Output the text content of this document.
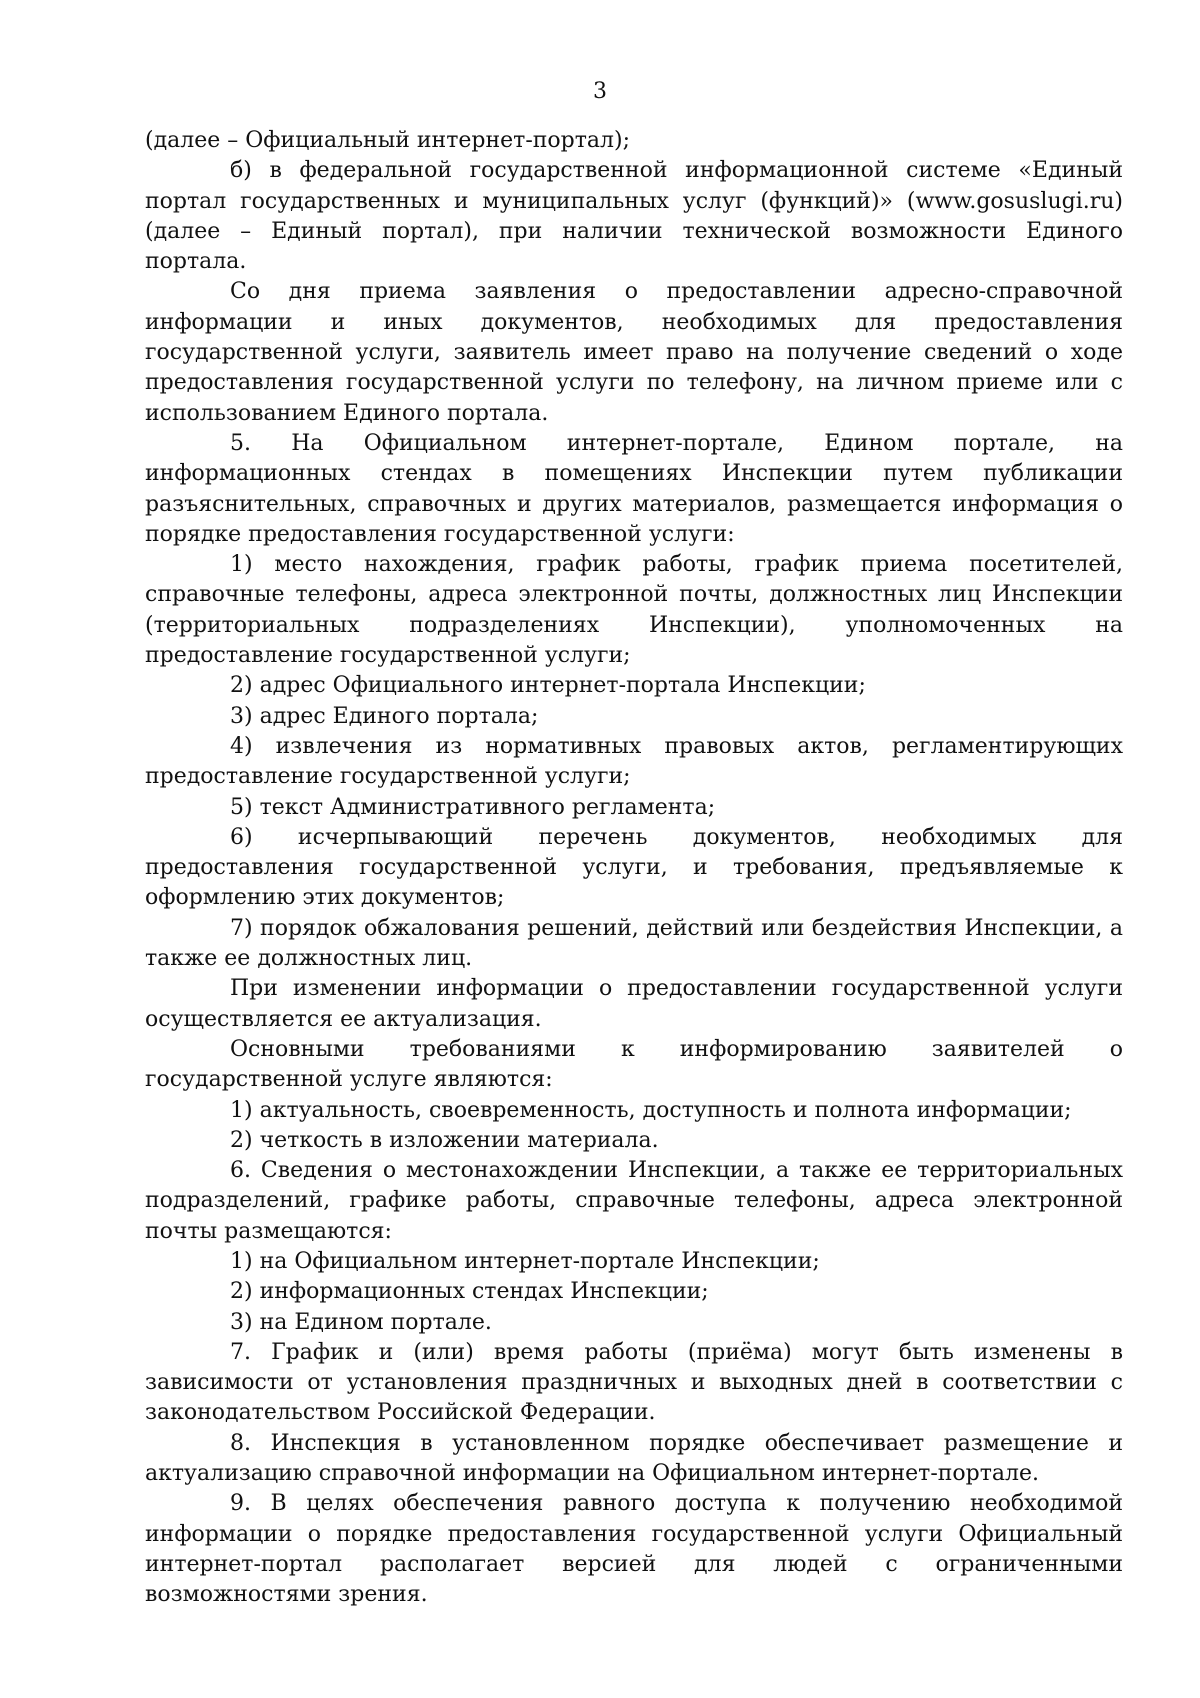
3

(далее – Официальный интернет-портал);

б) в федеральной государственной информационной системе «Единый портал государственных и муниципальных услуг (функций)» (www.gosuslugi.ru) (далее – Единый портал), при наличии технической возможности Единого портала.

Со дня приема заявления о предоставлении адресно-справочной информации и иных документов, необходимых для предоставления государственной услуги, заявитель имеет право на получение сведений о ходе предоставления государственной услуги по телефону, на личном приеме или с использованием Единого портала.

5. На Официальном интернет-портале, Едином портале, на информационных стендах в помещениях Инспекции путем публикации разъяснительных, справочных и других материалов, размещается информация о порядке предоставления государственной услуги:

1) место нахождения, график работы, график приема посетителей, справочные телефоны, адреса электронной почты, должностных лиц Инспекции (территориальных подразделениях Инспекции), уполномоченных на предоставление государственной услуги;

2) адрес Официального интернет-портала Инспекции;

3) адрес Единого портала;

4) извлечения из нормативных правовых актов, регламентирующих предоставление государственной услуги;

5) текст Административного регламента;

6) исчерпывающий перечень документов, необходимых для предоставления государственной услуги, и требования, предъявляемые к оформлению этих документов;

7) порядок обжалования решений, действий или бездействия Инспекции, а также ее должностных лиц.

При изменении информации о предоставлении государственной услуги осуществляется ее актуализация.

Основными требованиями к информированию заявителей о государственной услуге являются:

1) актуальность, своевременность, доступность и полнота информации;

2) четкость в изложении материала.

6. Сведения о местонахождении Инспекции, а также ее территориальных подразделений, графике работы, справочные телефоны, адреса электронной почты размещаются:

1) на Официальном интернет-портале Инспекции;

2) информационных стендах Инспекции;

3) на Едином портале.

7. График и (или) время работы (приёма) могут быть изменены в зависимости от установления праздничных и выходных дней в соответствии с законодательством Российской Федерации.

8. Инспекция в установленном порядке обеспечивает размещение и актуализацию справочной информации на Официальном интернет-портале.

9. В целях обеспечения равного доступа к получению необходимой информации о порядке предоставления государственной услуги Официальный интернет-портал располагает версией для людей с ограниченными возможностями зрения.
